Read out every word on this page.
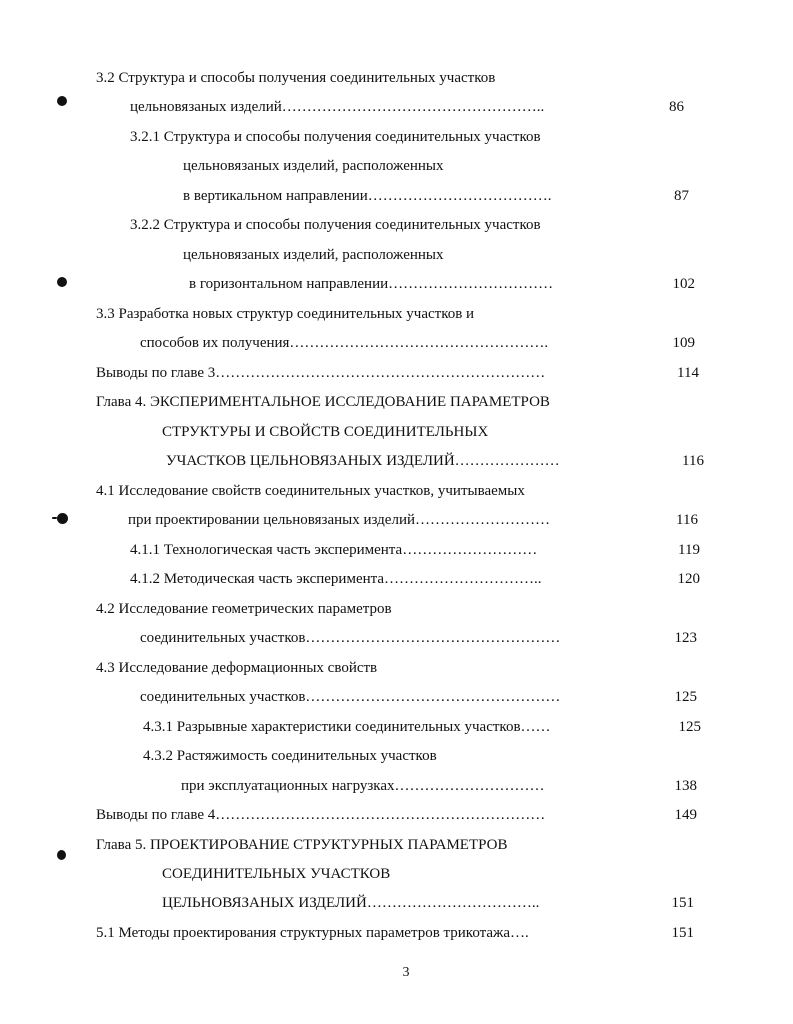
3.2 Структура и способы получения соединительных участков
цельновязаных изделий……………………………………………..	86
3.2.1 Структура и способы получения соединительных участков
цельновязаных изделий, расположенных
в вертикальном направлении……………………………….	87
3.2.2 Структура и способы получения соединительных участков
цельновязаных изделий, расположенных
в горизонтальном направлении……………………………	102
3.3 Разработка новых структур соединительных участков и
способов их получения…………………………………………….	109
Выводы по главе 3…………………………………………………………	114
Глава 4. ЭКСПЕРИМЕНТАЛЬНОЕ ИССЛЕДОВАНИЕ ПАРАМЕТРОВ
СТРУКТУРЫ И СВОЙСТВ СОЕДИНИТЕЛЬНЫХ
УЧАСТКОВ ЦЕЛЬНОВЯЗАНЫХ ИЗДЕЛИЙ…………………	116
4.1 Исследование свойств соединительных участков, учитываемых
при проектировании цельновязаных изделий………………………	116
4.1.1 Технологическая часть эксперимента………………………	119
4.1.2 Методическая часть эксперимента…………………………..	120
4.2 Исследование геометрических параметров
соединительных участков……………………………………………	123
4.3 Исследование деформационных свойств
соединительных участков……………………………………………	125
4.3.1 Разрывные характеристики соединительных участков……	125
4.3.2 Растяжимость соединительных участков
при эксплуатационных нагрузках…………………………	138
Выводы по главе 4…………………………………………………………	149
Глава 5. ПРОЕКТИРОВАНИЕ СТРУКТУРНЫХ ПАРАМЕТРОВ
СОЕДИНИТЕЛЬНЫХ УЧАСТКОВ
ЦЕЛЬНОВЯЗАНЫХ ИЗДЕЛИЙ……………………………..	151
5.1 Методы проектирования структурных параметров трикотажа….	151
3
